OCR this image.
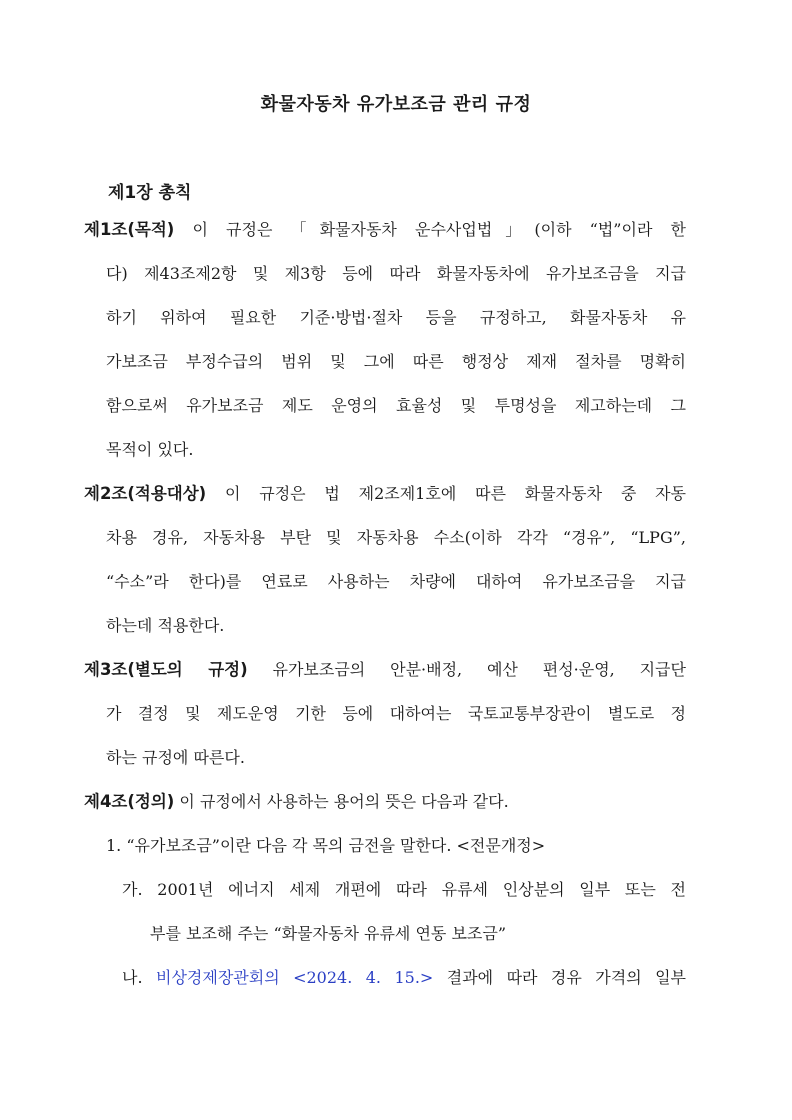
화물자동차 유가보조금 관리 규정
제1장 총칙
제1조(목적) 이 규정은 「화물자동차 운수사업법」(이하 “법”이라 한
다) 제43조제2항 및 제3항 등에 따라 화물자동차에 유가보조금을 지급
하기 위하여 필요한 기준·방법·절차 등을 규정하고, 화물자동차 유
가보조금 부정수급의 범위 및 그에 따른 행정상 제재 절차를 명확히
함으로써 유가보조금 제도 운영의 효율성 및 투명성을 제고하는데 그
목적이 있다.
제2조(적용대상) 이 규정은 법 제2조제1호에 따른 화물자동차 중 자동
차용 경유, 자동차용 부탄 및 자동차용 수소(이하 각각 “경유”, “LPG”,
“수소”라 한다)를 연료로 사용하는 차량에 대하여 유가보조금을 지급
하는데 적용한다.
제3조(별도의 규정) 유가보조금의 안분·배정, 예산 편성·운영, 지급단
가 결정 및 제도운영 기한 등에 대하여는 국토교통부장관이 별도로 정
하는 규정에 따른다.
제4조(정의) 이 규정에서 사용하는 용어의 뜻은 다음과 같다.
1. “유가보조금”이란 다음 각 목의 금전을 말한다. <전문개정>
가. 2001년 에너지 세제 개편에 따라 유류세 인상분의 일부 또는 전
부를 보조해 주는 “화물자동차 유류세 연동 보조금”
나. 비상경제장관회의 <2024. 4. 15.> 결과에 따라 경유 가격의 일부
